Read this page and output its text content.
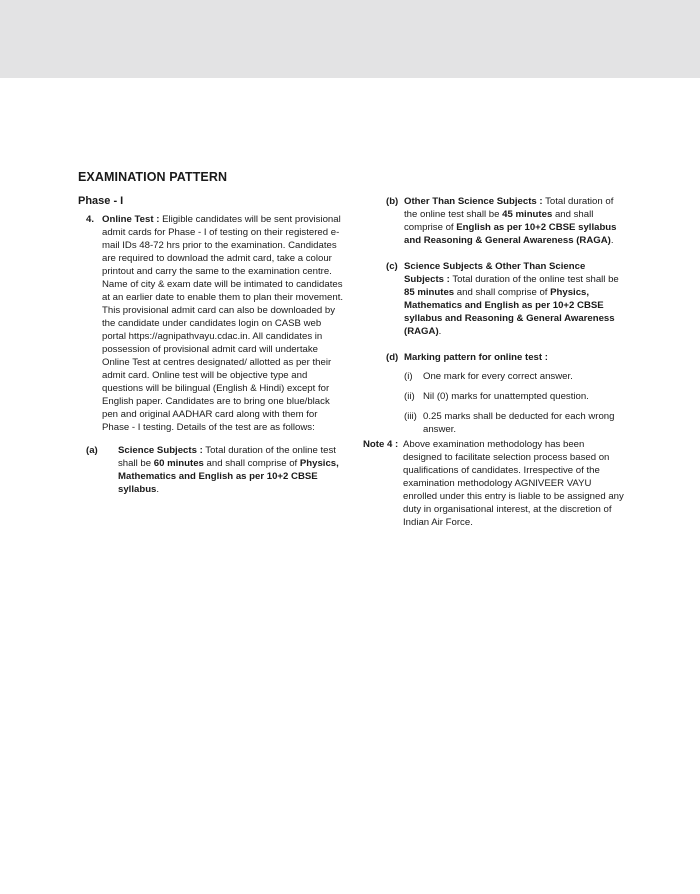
EXAMINATION PATTERN
Phase - I
4. Online Test : Eligible candidates will be sent provisional admit cards for Phase - I of testing on their registered e-mail IDs 48-72 hrs prior to the examination. Candidates are required to download the admit card, take a colour printout and carry the same to the examination centre. Name of city & exam date will be intimated to candidates at an earlier date to enable them to plan their movement. This provisional admit card can also be downloaded by the candidate under candidates login on CASB web portal https://agnipathvayu.cdac.in. All candidates in possession of provisional admit card will undertake Online Test at centres designated/ allotted as per their admit card. Online test will be objective type and questions will be bilingual (English & Hindi) except for English paper. Candidates are to bring one blue/black pen and original AADHAR card along with them for Phase - I testing. Details of the test are as follows:

(a)	Science Subjects : Total duration of the online test shall be 60 minutes and shall comprise of Physics, Mathematics and English as per 10+2 CBSE syllabus.

(b) Other Than Science Subjects : Total duration of the online test shall be 45 minutes and shall comprise of English as per 10+2 CBSE syllabus and Reasoning & General Awareness (RAGA).

(c) Science Subjects & Other Than Science Subjects : Total duration of the online test shall be 85 minutes and shall comprise of Physics, Mathematics and English as per 10+2 CBSE syllabus and Reasoning & General Awareness (RAGA).

(d) Marking pattern for online test :

(i)	One mark for every correct answer.

(ii) Nil (0) marks for unattempted question.

(iii) 0.25 marks shall be deducted for each wrong answer.

Note 4 : Above examination methodology has been designed to facilitate selection process based on qualifications of candidates. Irrespective of the examination methodology AGNIVEER VAYU enrolled under this entry is liable to be assigned any duty in organisational interest, at the discretion of Indian Air Force.
